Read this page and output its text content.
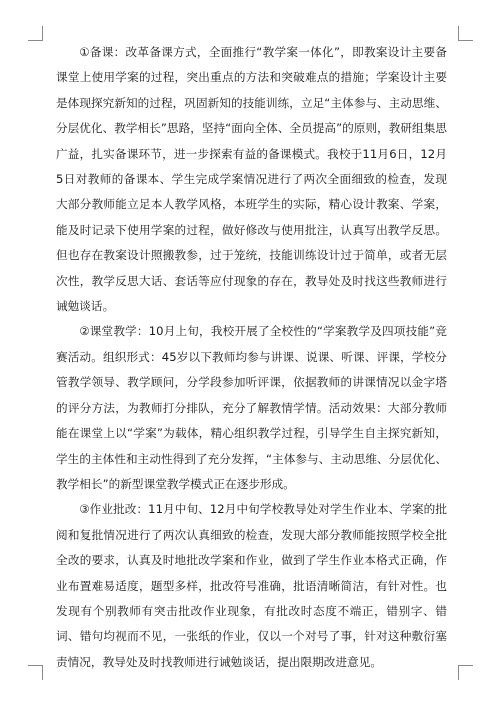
①备课：改革备课方式，全面推行“教学案一体化”，即教案设计主要备课堂上使用学案的过程，突出重点的方法和突破难点的措施；学案设计主要是体现探究新知的过程，巩固新知的技能训练，立足“主体参与、主动思维、分层优化、教学相长”思路，坚持“面向全体、全员提高”的原则，教研组集思广益，扎实备课环节，进一步探索有益的备课模式。我校于11月6日，12月5日对教师的备课本、学生完成学案情况进行了两次全面细致的检查，发现大部分教师能立足本人教学风格，本班学生的实际，精心设计教案、学案，能及时记录下使用学案的过程，做好修改与使用批注，认真写出教学反思。但也存在教案设计照搬教参，过于笼统，技能训练设计过于简单，或者无层次性，教学反思大话、套话等应付现象的存在，教导处及时找这些教师进行诫勉谈话。

②课堂教学：10月上旬，我校开展了全校性的“学案教学及四项技能”竞赛活动。组织形式：45岁以下教师均参与讲课、说课、听课、评课，学校分管教学领导、教学顾问，分学段参加听评课，依据教师的讲课情况以金字塔的评分方法，为教师打分排队，充分了解教情学情。活动效果：大部分教师能在课堂上以“学案”为载体，精心组织教学过程，引导学生自主探究新知，学生的主体性和主动性得到了充分发挥，“主体参与、主动思维、分层优化、教学相长”的新型课堂教学模式正在逐步形成。

③作业批改：11月中旬、12月中旬学校教导处对学生作业本、学案的批阅和复批情况进行了两次认真细致的检查，发现大部分教师能按照学校全批全改的要求，认真及时地批改学案和作业，做到了学生作业本格式正确，作业布置难易适度，题型多样，批改符号准确，批语清晰简洁，有针对性。也发现有个别教师有突击批改作业现象，有批改时态度不端正，错别字、错词、错句均视而不见，一张纸的作业，仅以一个对号了事，针对这种敷衍塞责情况，教导处及时找教师进行诫勉谈话，提出限期改进意见。
